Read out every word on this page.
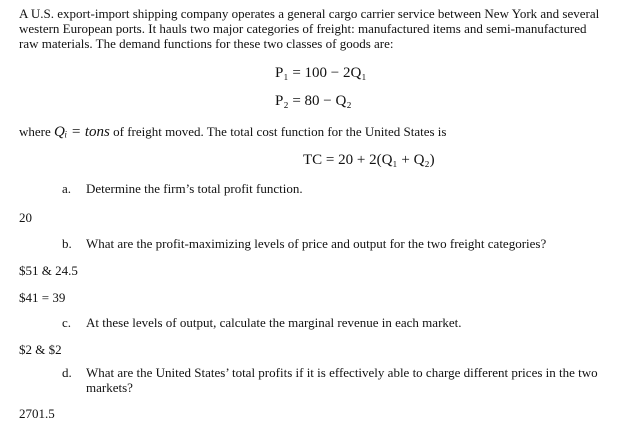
A U.S. export-import shipping company operates a general cargo carrier service between New York and several western European ports. It hauls two major categories of freight: manufactured items and semi-manufactured raw materials. The demand functions for these two classes of goods are:
P₁ = 100 − 2Q₁
P₂ = 80 − Q₂
where Qᵢ = tons of freight moved. The total cost function for the United States is
TC = 20 + 2(Q₁ + Q₂)
a. Determine the firm’s total profit function.
20
b. What are the profit-maximizing levels of price and output for the two freight categories?
$51 & 24.5
$41 = 39
c. At these levels of output, calculate the marginal revenue in each market.
$2 & $2
d.	What are the United States’ total profits if it is effectively able to charge different prices in the two markets?
2701.5
